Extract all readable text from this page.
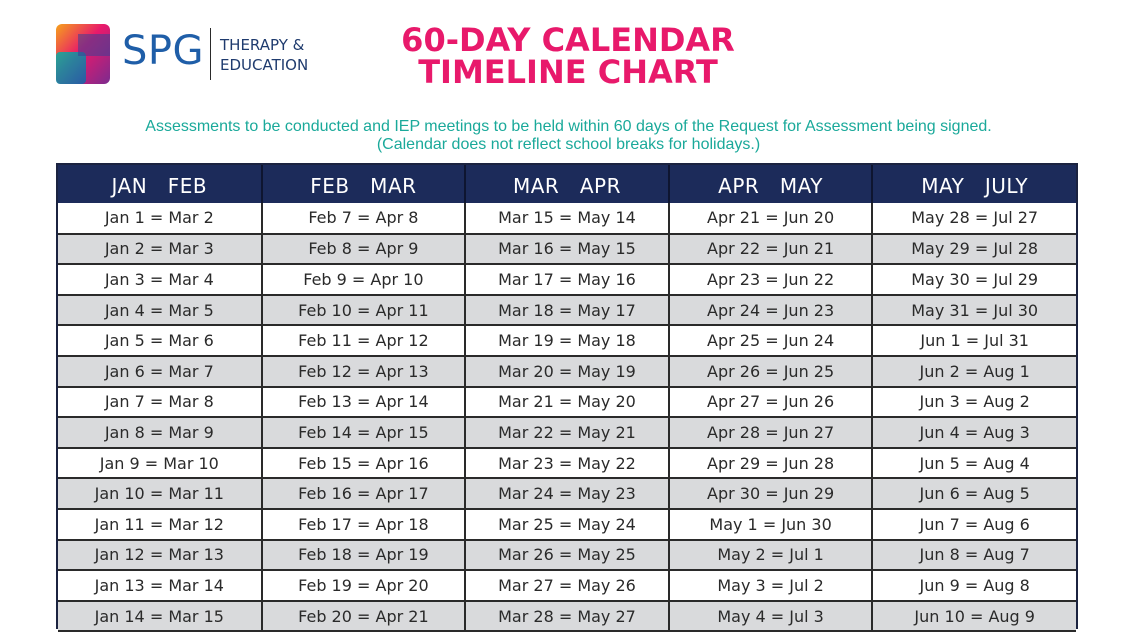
SPG THERAPY &
EDUCATION
60-DAY CALENDAR
TIMELINE CHART
Assessments to be conducted and IEP meetings to be held within 60 days of the Request for Assessment being signed.
(Calendar does not reflect school breaks for holidays.)
JAN   FEB	FEB   MAR	MAR   APR	APR   MAY	MAY   JULY
Jan 1 = Mar 2	Feb 7 = Apr 8	Mar 15 = May 14	Apr 21 = Jun 20	May 28 = Jul 27
Jan 2 = Mar 3	Feb 8 = Apr 9	Mar 16 = May 15	Apr 22 = Jun 21	May 29 = Jul 28
Jan 3 = Mar 4	Feb 9 = Apr 10	Mar 17 = May 16	Apr 23 = Jun 22	May 30 = Jul 29
Jan 4 = Mar 5	Feb 10 = Apr 11	Mar 18 = May 17	Apr 24 = Jun 23	May 31 = Jul 30
Jan 5 = Mar 6	Feb 11 = Apr 12	Mar 19 = May 18	Apr 25 = Jun 24	Jun 1 = Jul 31
Jan 6 = Mar 7	Feb 12 = Apr 13	Mar 20 = May 19	Apr 26 = Jun 25	Jun 2 = Aug 1
Jan 7 = Mar 8	Feb 13 = Apr 14	Mar 21 = May 20	Apr 27 = Jun 26	Jun 3 = Aug 2
Jan 8 = Mar 9	Feb 14 = Apr 15	Mar 22 = May 21	Apr 28 = Jun 27	Jun 4 = Aug 3
Jan 9 = Mar 10	Feb 15 = Apr 16	Mar 23 = May 22	Apr 29 = Jun 28	Jun 5 = Aug 4
Jan 10 = Mar 11	Feb 16 = Apr 17	Mar 24 = May 23	Apr 30 = Jun 29	Jun 6 = Aug 5
Jan 11 = Mar 12	Feb 17 = Apr 18	Mar 25 = May 24	May 1 = Jun 30	Jun 7 = Aug 6
Jan 12 = Mar 13	Feb 18 = Apr 19	Mar 26 = May 25	May 2 = Jul 1	Jun 8 = Aug 7
Jan 13 = Mar 14	Feb 19 = Apr 20	Mar 27 = May 26	May 3 = Jul 2	Jun 9 = Aug 8
Jan 14 = Mar 15	Feb 20 = Apr 21	Mar 28 = May 27	May 4 = Jul 3	Jun 10 = Aug 9
